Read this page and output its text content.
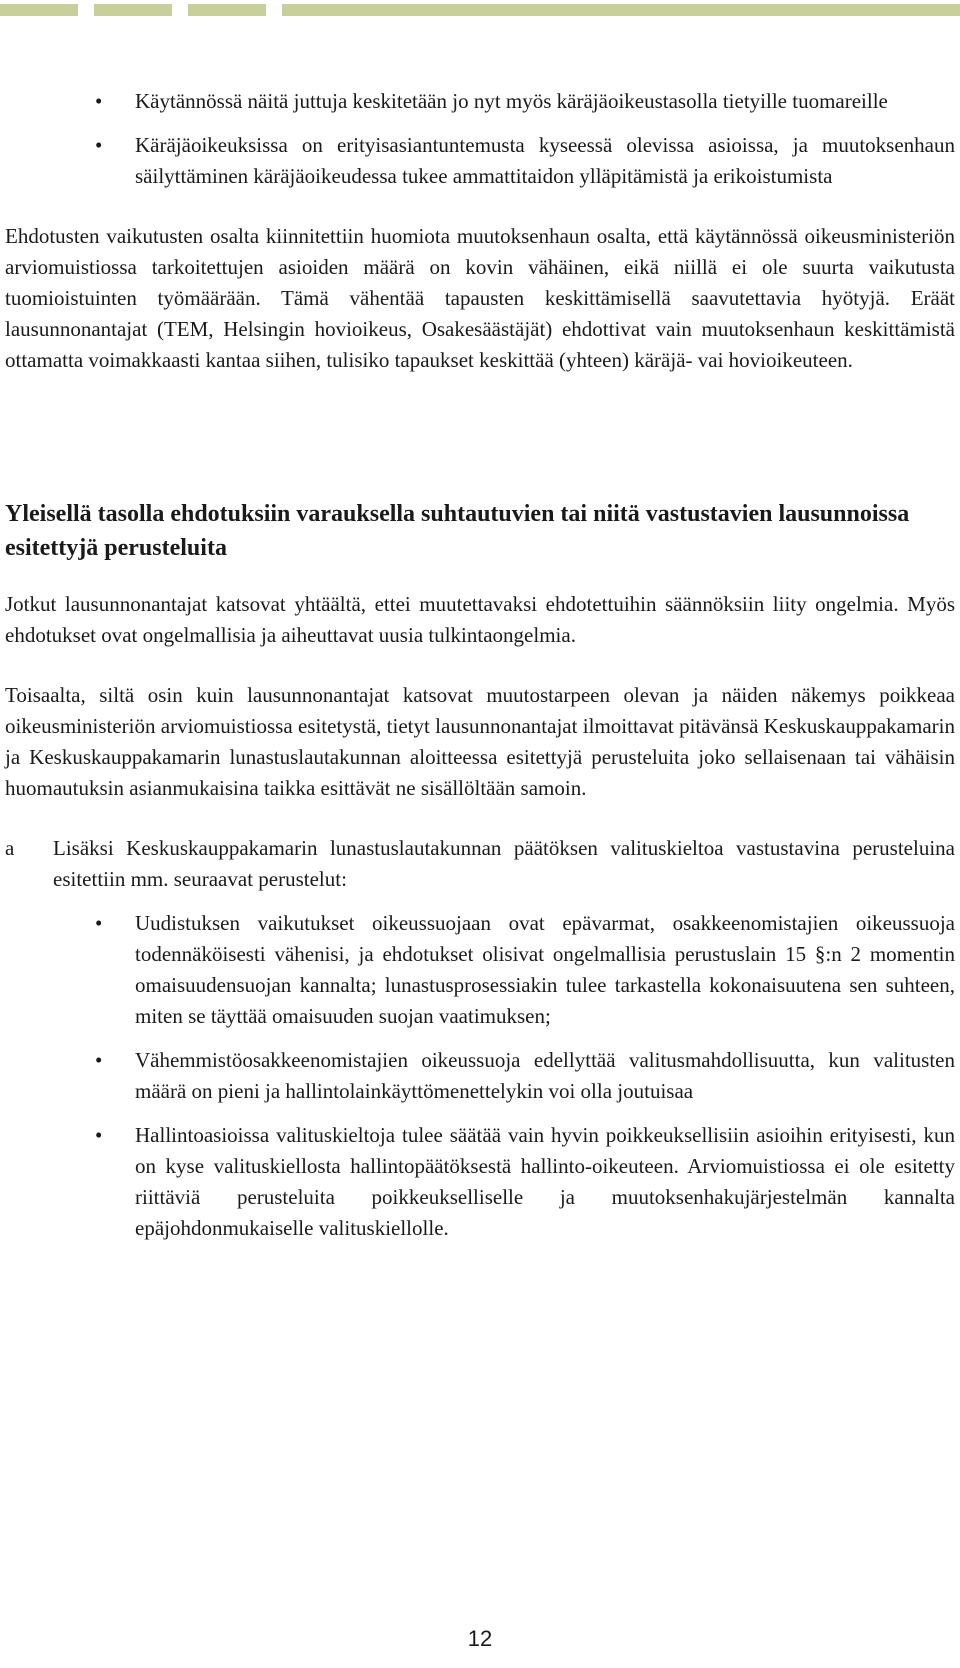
• Käytännössä näitä juttuja keskitetään jo nyt myös käräjäoikeustasolla tietyille tuomareille
• Käräjäoikeuksissa on erityisasiantuntemusta kyseessä olevissa asioissa, ja muutoksenhaun säilyttäminen käräjäoikeudessa tukee ammattitaidon ylläpitämistä ja erikoistumista

Ehdotusten vaikutusten osalta kiinnitettiin huomiota muutoksenhaun osalta, että käytännössä oikeusministeriön arviomuistiossa tarkoitettujen asioiden määrä on kovin vähäinen, eikä niillä ei ole suurta vaikutusta tuomioistuinten työmäärään. Tämä vähentää tapausten keskittämisellä saavutettavia hyötyjä. Eräät lausunnonantajat (TEM, Helsingin hovioikeus, Osakesäästäjät) ehdottivat vain muutoksenhaun keskittämistä ottamatta voimakkaasti kantaa siihen, tulisiko tapaukset keskittää (yhteen) käräjä- vai hovioikeuteen.

Yleisellä tasolla ehdotuksiin varauksella suhtautuvien tai niitä vastustavien lausunnoissa esitettyjä perusteluita

Jotkut lausunnonantajat katsovat yhtäältä, ettei muutettavaksi ehdotettuihin säännöksiin liity ongelmia. Myös ehdotukset ovat ongelmallisia ja aiheuttavat uusia tulkintaongelmia.

Toisaalta, siltä osin kuin lausunnonantajat katsovat muutostarpeen olevan ja näiden näkemys poikkeaa oikeusministeriön arviomuistiossa esitetystä, tietyt lausunnonantajat ilmoittavat pitävänsä Keskuskauppakamarin ja Keskuskauppakamarin lunastuslautakunnan aloitteessa esitettyjä perusteluita joko sellaisenaan tai vähäisin huomautuksin asianmukaisina taikka esittävät ne sisällöltään samoin.

a Lisäksi Keskuskauppakamarin lunastuslautakunnan päätöksen valituskieltoa vastustavina perusteluina esitettiin mm. seuraavat perustelut:
• Uudistuksen vaikutukset oikeussuojaan ovat epävarmat, osakkeenomistajien oikeussuoja todennäköisesti vähenisi, ja ehdotukset olisivat ongelmallisia perustuslain 15 §:n 2 momentin omaisuudensuojan kannalta; lunastusprosessiakin tulee tarkastella kokonaisuutena sen suhteen, miten se täyttää omaisuuden suojan vaatimuksen;
• Vähemmistöosakkeenomistajien oikeussuoja edellyttää valitusmahdollisuutta, kun valitusten määrä on pieni ja hallintolainkäyttömenettelykin voi olla joutuisaa
• Hallintoasioissa valituskieltoja tulee säätää vain hyvin poikkeuksellisiin asioihin erityisesti, kun on kyse valituskiellosta hallintopäätöksestä hallinto-oikeuteen. Arviomuistiossa ei ole esitetty riittäviä perusteluita poikkeukselliselle ja muutoksenhakujärjestelmän kannalta epäjohdonmukaiselle valituskiellolle.
12
